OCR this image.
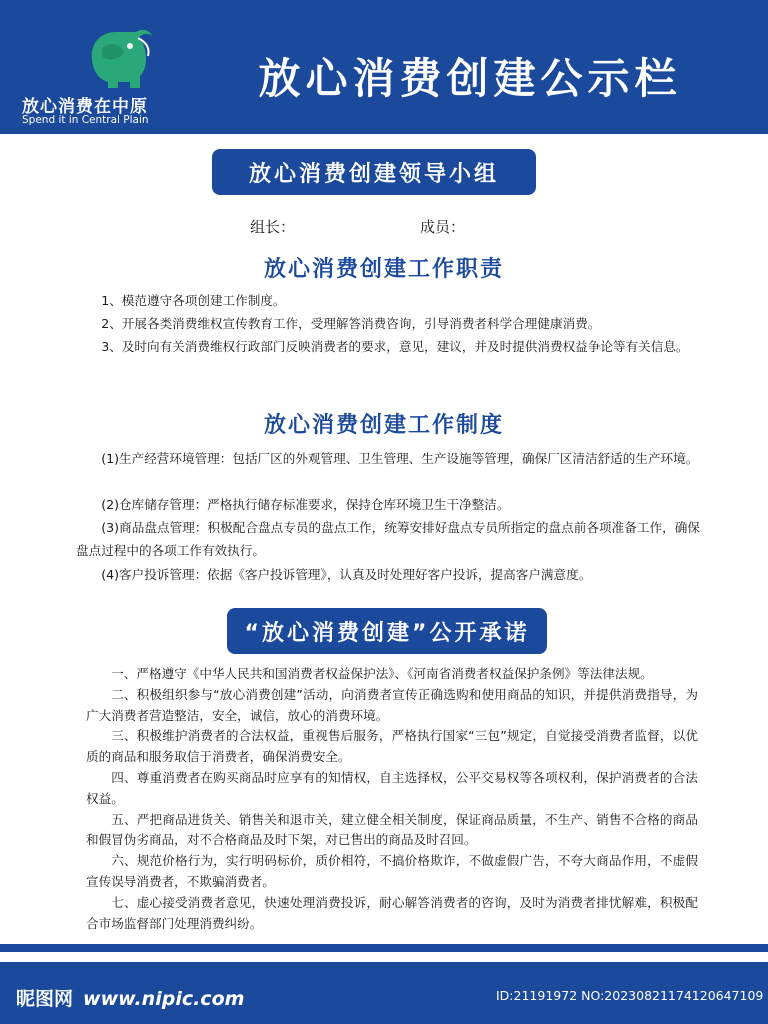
放心消费在中原
Spend it in Central Plain
放心消费创建公示栏
放心消费创建领导小组
组长：	成员：
放心消费创建工作职责

1、模范遵守各项创建工作制度。

2、开展各类消费维权宣传教育工作，受理解答消费咨询，引导消费者科学合理健康消费。

3、及时向有关消费维权行政部门反映消费者的要求，意见，建议，并及时提供消费权益争论等有关信息。

放心消费创建工作制度

(1)生产经营环境管理：包括厂区的外观管理、卫生管理、生产设施等管理，确保厂区清洁舒适的生产环境。

(2)仓库储存管理：严格执行储存标准要求，保持仓库环境卫生干净整洁。

(3)商品盘点管理：积极配合盘点专员的盘点工作，统筹安排好盘点专员所指定的盘点前各项准备工作，确保盘点过程中的各项工作有效执行。

(4)客户投诉管理：依据《客户投诉管理》，认真及时处理好客户投诉，提高客户满意度。

“放心消费创建”公开承诺

一、严格遵守《中华人民共和国消费者权益保护法》、《河南省消费者权益保护条例》等法律法规。

二、积极组织参与“放心消费创建”活动，向消费者宣传正确选购和使用商品的知识，并提供消费指导，为广大消费者营造整洁，安全，诚信，放心的消费环境。

三、积极维护消费者的合法权益，重视售后服务，严格执行国家“三包”规定，自觉接受消费者监督，以优质的商品和服务取信于消费者，确保消费安全。

四、尊重消费者在购买商品时应享有的知情权，自主选择权，公平交易权等各项权利，保护消费者的合法权益。

五、严把商品进货关、销售关和退市关，建立健全相关制度，保证商品质量，不生产、销售不合格的商品和假冒伪劣商品，对不合格商品及时下架，对已售出的商品及时召回。

六、规范价格行为，实行明码标价，质价相符，不搞价格欺诈，不做虚假广告，不夸大商品作用，不虚假宣传误导消费者，不欺骗消费者。

七、虚心接受消费者意见，快速处理消费投诉，耐心解答消费者的咨询，及时为消费者排忧解难，积极配合市场监督部门处理消费纠纷。

昵图网 www.nipic.com	ID:21191972 NO:20230821174120647109
